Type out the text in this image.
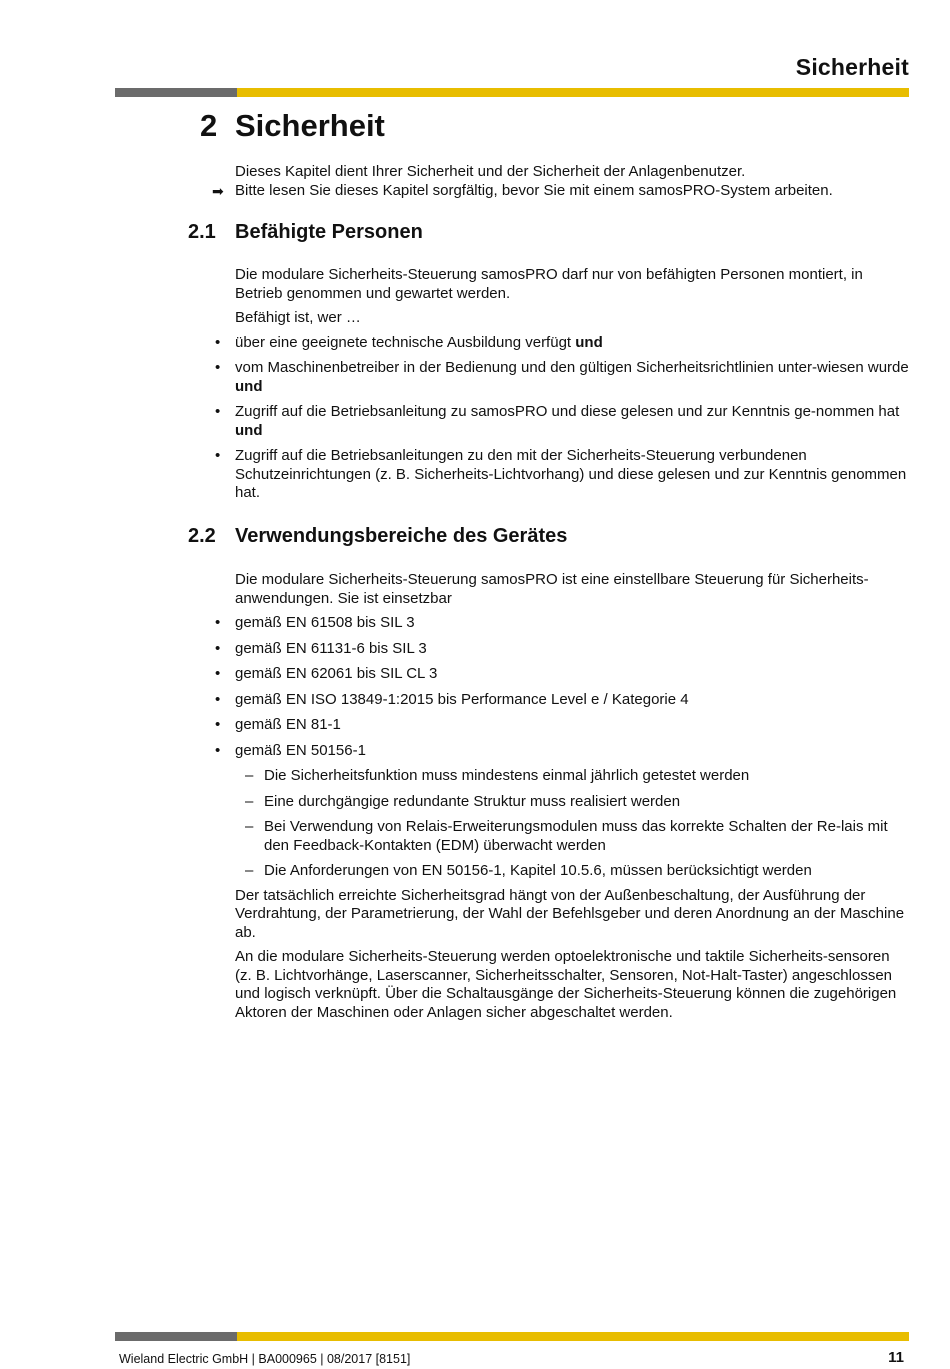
Sicherheit
2 Sicherheit

Dieses Kapitel dient Ihrer Sicherheit und der Sicherheit der Anlagenbenutzer.

➡ Bitte lesen Sie dieses Kapitel sorgfältig, bevor Sie mit einem samosPRO-System arbeiten.
2.1 Befähigte Personen

Die modulare Sicherheits-Steuerung samosPRO darf nur von befähigten Personen montiert, in Betrieb genommen und gewartet werden.

Befähigt ist, wer …

• über eine geeignete technische Ausbildung verfügt und
• vom Maschinenbetreiber in der Bedienung und den gültigen Sicherheitsrichtlinien unter-wiesen wurde und
• Zugriff auf die Betriebsanleitung zu samosPRO und diese gelesen und zur Kenntnis ge-nommen hat und
• Zugriff auf die Betriebsanleitungen zu den mit der Sicherheits-Steuerung verbundenen Schutzeinrichtungen (z. B. Sicherheits-Lichtvorhang) und diese gelesen und zur Kenntnis genommen hat.
2.2 Verwendungsbereiche des Gerätes

Die modulare Sicherheits-Steuerung samosPRO ist eine einstellbare Steuerung für Sicherheits-anwendungen. Sie ist einsetzbar

• gemäß EN 61508 bis SIL 3
• gemäß EN 61131-6 bis SIL 3
• gemäß EN 62061 bis SIL CL 3
• gemäß EN ISO 13849-1:2015 bis Performance Level e / Kategorie 4
• gemäß EN 81-1
• gemäß EN 50156-1
– Die Sicherheitsfunktion muss mindestens einmal jährlich getestet werden
– Eine durchgängige redundante Struktur muss realisiert werden
– Bei Verwendung von Relais-Erweiterungsmodulen muss das korrekte Schalten der Re-lais mit den Feedback-Kontakten (EDM) überwacht werden
– Die Anforderungen von EN 50156-1, Kapitel 10.5.6, müssen berücksichtigt werden

Der tatsächlich erreichte Sicherheitsgrad hängt von der Außenbeschaltung, der Ausführung der Verdrahtung, der Parametrierung, der Wahl der Befehlsgeber und deren Anordnung an der Maschine ab.

An die modulare Sicherheits-Steuerung werden optoelektronische und taktile Sicherheits-sensoren (z. B. Lichtvorhänge, Laserscanner, Sicherheitsschalter, Sensoren, Not-Halt-Taster) angeschlossen und logisch verknüpft. Über die Schaltausgänge der Sicherheits-Steuerung können die zugehörigen Aktoren der Maschinen oder Anlagen sicher abgeschaltet werden.

Wieland Electric GmbH | BA000965 | 08/2017 [8151]	11
